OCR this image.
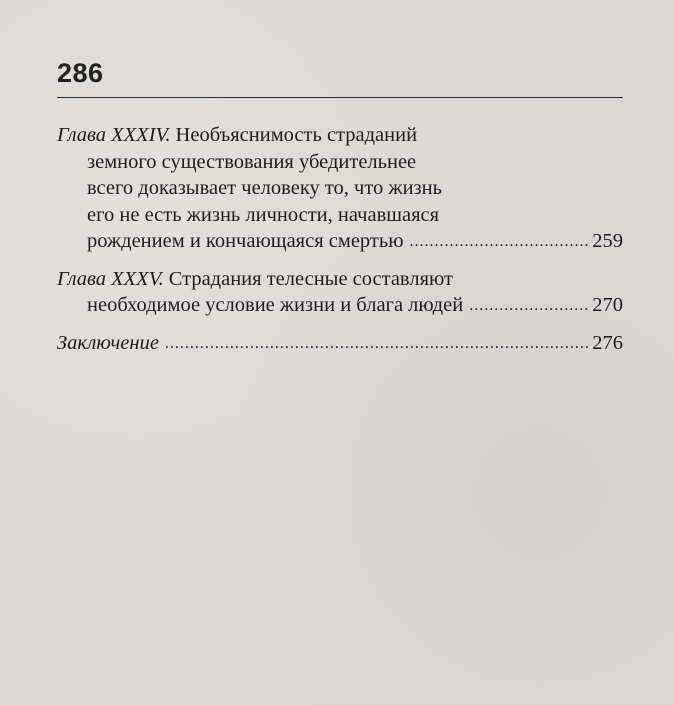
286
Глава XXXIV. Необъяснимость страданий
земного существования убедительнее
всего доказывает человеку то, что жизнь
его не есть жизнь личности, начавшаяся
рождением и кончающаяся смертью .....	259
Глава XXXV. Страдания телесные составляют
необходимое условие жизни и блага людей .....	270
Заключение .....	276
